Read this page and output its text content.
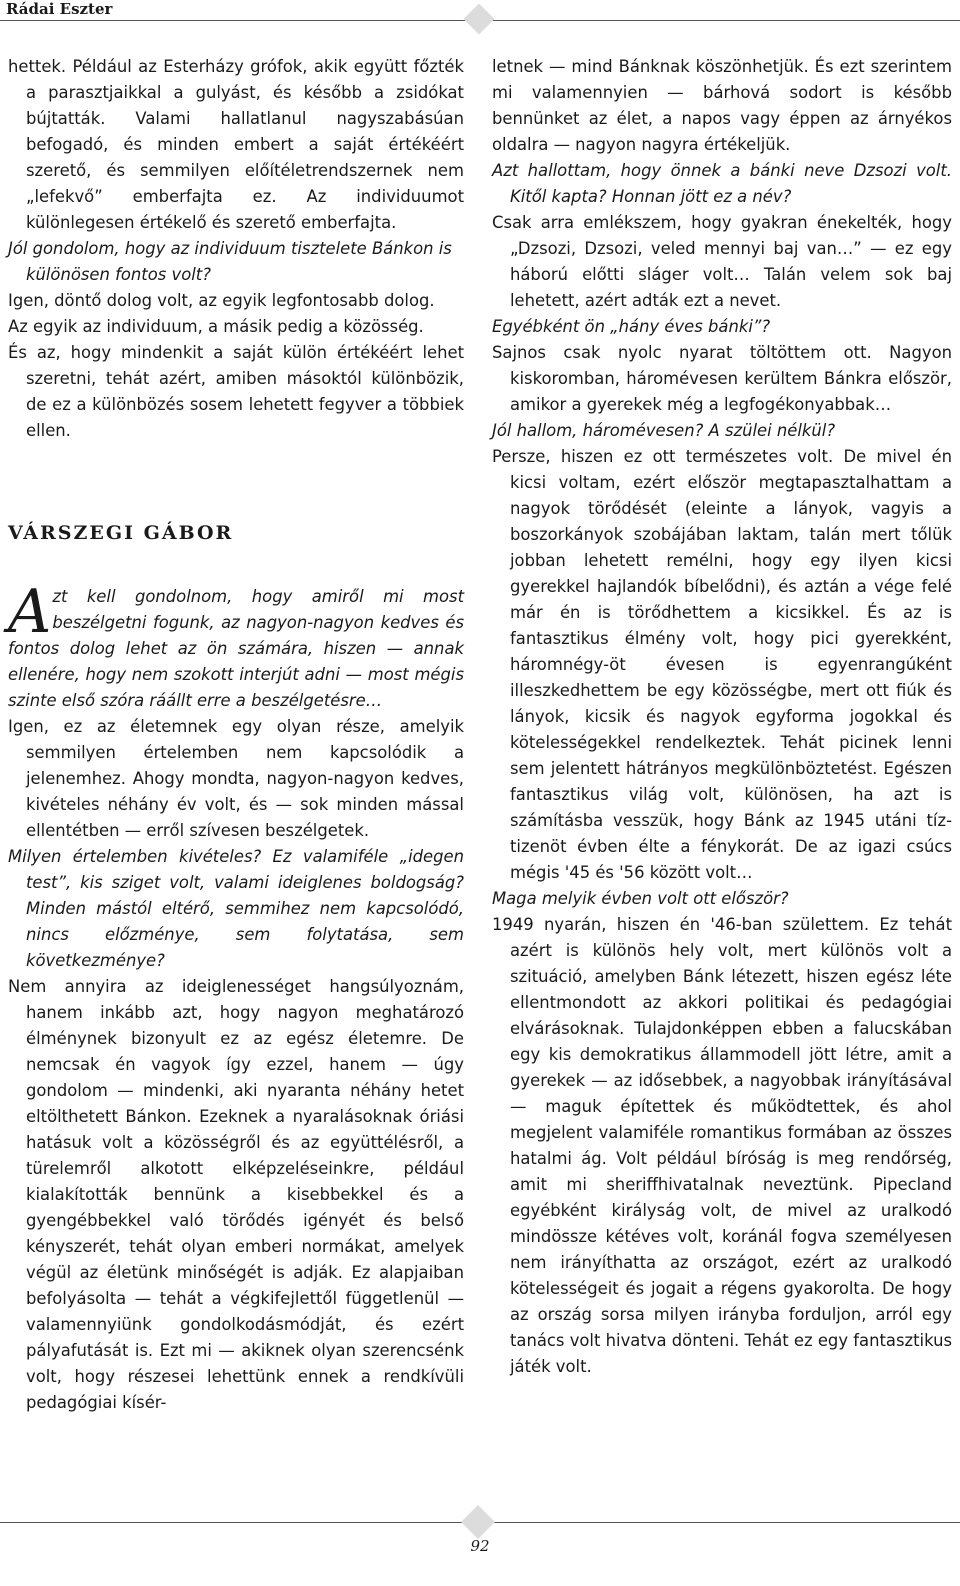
Rádai Eszter

hettek. Például az Esterházy grófok, akik együtt főzték a parasztjaikkal a gulyást, és később a zsidókat bújtatták. Valami hallatlanul nagyszabásúan befogadó, és minden embert a saját értékéért szerető, és semmilyen előítéletrendszernek nem „lefekvő” emberfajta ez. Az individuumot különlegesen értékelő és szerető emberfajta.

Jól gondolom, hogy az individuum tisztelete Bánkon is különösen fontos volt?

Igen, döntő dolog volt, az egyik legfontosabb dolog.

Az egyik az individuum, a másik pedig a közösség.

És az, hogy mindenkit a saját külön értékéért lehet szeretni, tehát azért, amiben másoktól különbözik, de ez a különbözés sosem lehetett fegyver a többiek ellen.

VÁRSZEGI GÁBOR

Azt kell gondolnom, hogy amiről mi most beszélgetni fogunk, az nagyon-nagyon kedves és fontos dolog lehet az ön számára, hiszen — annak ellenére, hogy nem szokott interjút adni — most mégis szinte első szóra ráállt erre a beszélgetésre…

Igen, ez az életemnek egy olyan része, amelyik semmilyen értelemben nem kapcsolódik a jelenemhez. Ahogy mondta, nagyon-nagyon kedves, kivételes néhány év volt, és — sok minden mással ellentétben — erről szívesen beszélgetek.

Milyen értelemben kivételes? Ez valamiféle „idegen test”, kis sziget volt, valami ideiglenes boldogság? Minden mástól eltérő, semmihez nem kapcsolódó, nincs előzménye, sem folytatása, sem következménye?

Nem annyira az ideiglenességet hangsúlyoznám, hanem inkább azt, hogy nagyon meghatározó élménynek bizonyult ez az egész életemre. De nemcsak én vagyok így ezzel, hanem — úgy gondolom — mindenki, aki nyaranta néhány hetet eltölthetett Bánkon. Ezeknek a nyaralásoknak óriási hatásuk volt a közösségről és az együttélésről, a türelemről alkotott elképzeléseinkre, például kialakították bennünk a kisebbekkel és a gyengébbekkel való törődés igényét és belső kényszerét, tehát olyan emberi normákat, amelyek végül az életünk minőségét is adják. Ez alapjaiban befolyásolta — tehát a végkifejlettől függetlenül — valamennyiünk gondolkodásmódját, és ezért pályafutását is. Ezt mi — akiknek olyan szerencsénk volt, hogy részesei lehettünk ennek a rendkívüli pedagógiai kísér-

letnek — mind Bánknak köszönhetjük. És ezt szerintem mi valamennyien — bárhová sodort is később bennünket az élet, a napos vagy éppen az árnyékos oldalra — nagyon nagyra értékeljük.

Azt hallottam, hogy önnek a bánki neve Dzsozi volt. Kitől kapta? Honnan jött ez a név?

Csak arra emlékszem, hogy gyakran énekelték, hogy „Dzsozi, Dzsozi, veled mennyi baj van…” — ez egy háború előtti sláger volt… Talán velem sok baj lehetett, azért adták ezt a nevet.

Egyébként ön „hány éves bánki”?

Sajnos csak nyolc nyarat töltöttem ott. Nagyon kiskoromban, háromévesen kerültem Bánkra először, amikor a gyerekek még a legfogékonyabbak…

Jól hallom, háromévesen? A szülei nélkül?

Persze, hiszen ez ott természetes volt. De mivel én kicsi voltam, ezért először megtapasztalhattam a nagyok törődését (eleinte a lányok, vagyis a boszorkányok szobájában laktam, talán mert tőlük jobban lehetett remélni, hogy egy ilyen kicsi gyerekkel hajlandók bíbelődni), és aztán a vége felé már én is törődhettem a kicsikkel. És az is fantasztikus élmény volt, hogy pici gyerekként, háromnégy-öt évesen is egyenrangúként illeszkedhettem be egy közösségbe, mert ott fiúk és lányok, kicsik és nagyok egyforma jogokkal és kötelességekkel rendelkeztek. Tehát picinek lenni sem jelentett hátrányos megkülönböztetést. Egészen fantasztikus világ volt, különösen, ha azt is számításba vesszük, hogy Bánk az 1945 utáni tíz-tizenöt évben élte a fénykorát. De az igazi csúcs mégis '45 és '56 között volt…

Maga melyik évben volt ott először?

1949 nyarán, hiszen én '46-ban születtem. Ez tehát azért is különös hely volt, mert különös volt a szituáció, amelyben Bánk létezett, hiszen egész léte ellentmondott az akkori politikai és pedagógiai elvárásoknak. Tulajdonképpen ebben a falucskában egy kis demokratikus állammodell jött létre, amit a gyerekek — az idősebbek, a nagyobbak irányításával — maguk építettek és működtettek, és ahol megjelent valamiféle romantikus formában az összes hatalmi ág. Volt például bíróság is meg rendőrség, amit mi sheriffhivatalnak neveztünk. Pipecland egyébként királyság volt, de mivel az uralkodó mindössze kétéves volt, koránál fogva személyesen nem irányíthatta az országot, ezért az uralkodó kötelességeit és jogait a régens gyakorolta. De hogy az ország sorsa milyen irányba forduljon, arról egy tanács volt hivatva dönteni. Tehát ez egy fantasztikus játék volt.

92
